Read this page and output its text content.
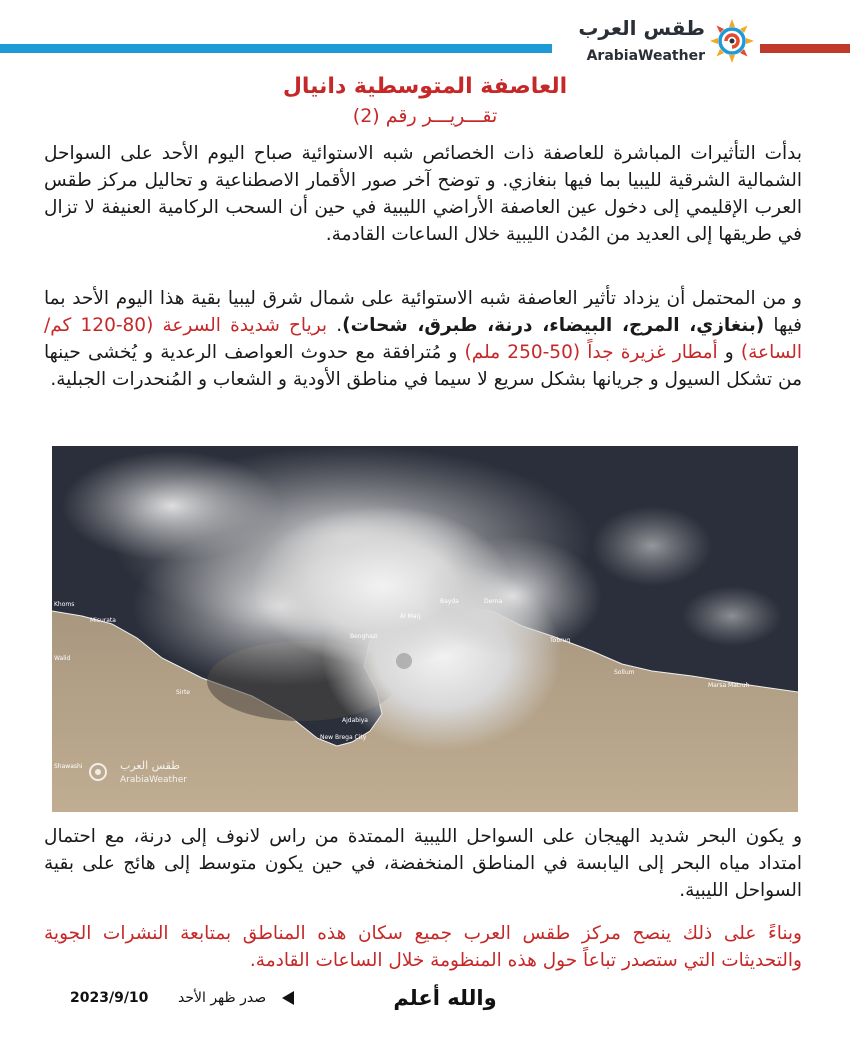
طقس العرب
ArabiaWeather
العاصفة المتوسطية دانيال
تقـــريـــر رقم (2)
بدأت التأثيرات المباشرة للعاصفة ذات الخصائص شبه الاستوائية صباح اليوم الأحد على السواحل الشمالية الشرقية لليبيا بما فيها بنغازي. و توضح آخر صور الأقمار الاصطناعية و تحاليل مركز طقس العرب الإقليمي إلى دخول عين العاصفة الأراضي الليبية في حين أن السحب الركامية العنيفة لا تزال في طريقها إلى العديد من المُدن الليبية خلال الساعات القادمة.
و من المحتمل أن يزداد تأثير العاصفة شبه الاستوائية على شمال شرق ليبيا بقية هذا اليوم الأحد بما فيها (بنغازي، المرج، البيضاء، درنة، طبرق، شحات). برياح شديدة السرعة (80-120 كم/الساعة) و أمطار غزيرة جداً (50-250 ملم) و مُترافقة مع حدوث العواصف الرعدية و يُخشى حينها من تشكل السيول و جريانها بشكل سريع لا سيما في مناطق الأودية و الشعاب و المُنحدرات الجبلية.
Khoms
Misurata
Walid
Sirte
Benghazi
Al Marj
Bayda	Derna
Tobruq
Sollum
Marsa Matruh
Ajdabiya
New Brega City
Shawashi	طقس العرب
ArabiaWeather
و يكون البحر شديد الهيجان على السواحل الليبية الممتدة من راس لانوف إلى درنة، مع احتمال امتداد مياه البحر إلى اليابسة في المناطق المنخفضة، في حين يكون متوسط إلى هائج على بقية السواحل الليبية.
وبناءً على ذلك ينصح مركز طقس العرب جميع سكان هذه المناطق بمتابعة النشرات الجوية والتحديثات التي ستصدر تباعاً حول هذه المنظومة خلال الساعات القادمة.
والله أعلم
صدر ظهر الأحد
2023/9/10
